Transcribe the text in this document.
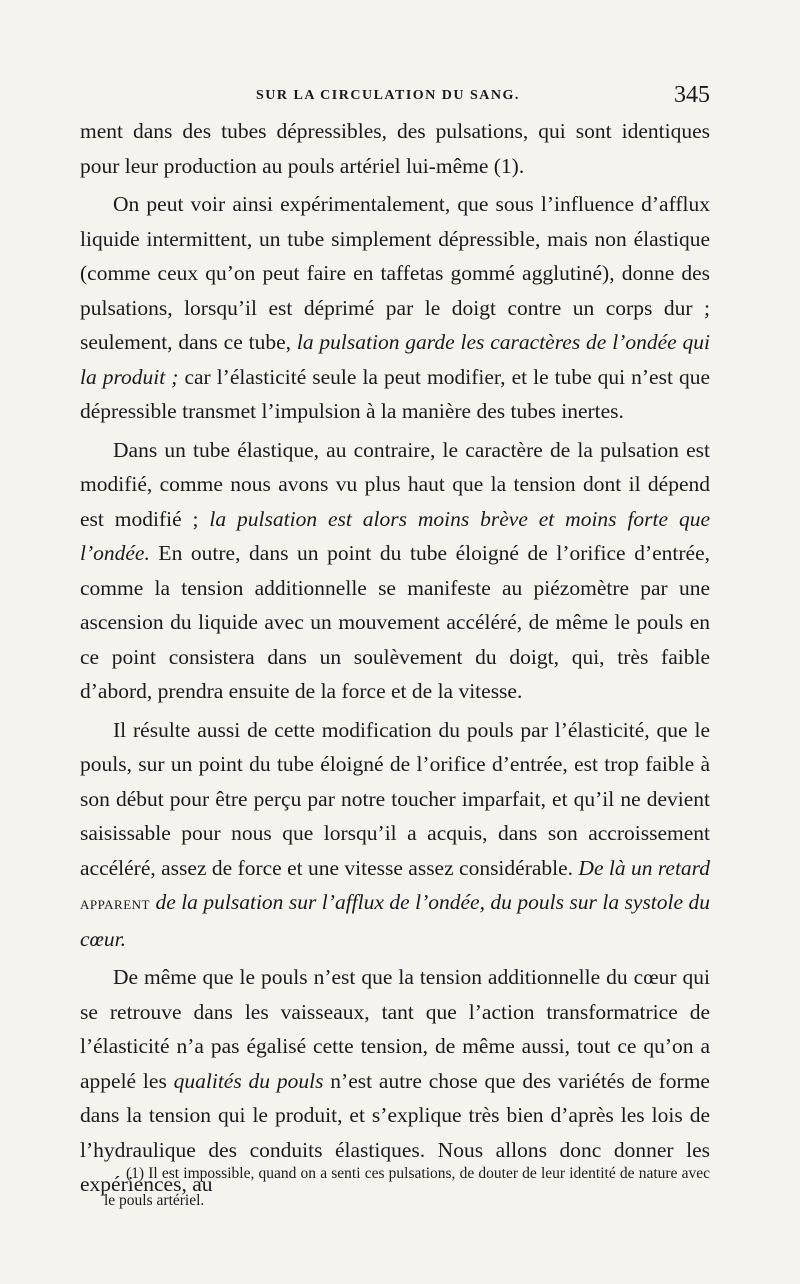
SUR LA CIRCULATION DU SANG.	345

ment dans des tubes dépressibles, des pulsations, qui sont identiques pour leur production au pouls artériel lui-même (1).

On peut voir ainsi expérimentalement, que sous l’influence d’afflux liquide intermittent, un tube simplement dépressible, mais non élastique (comme ceux qu’on peut faire en taffetas gommé agglutiné), donne des pulsations, lorsqu’il est déprimé par le doigt contre un corps dur ; seulement, dans ce tube, la pulsation garde les caractères de l’ondée qui la produit ; car l’élasticité seule la peut modifier, et le tube qui n’est que dépressible transmet l’impulsion à la manière des tubes inertes.

Dans un tube élastique, au contraire, le caractère de la pulsation est modifié, comme nous avons vu plus haut que la tension dont il dépend est modifié ; la pulsation est alors moins brève et moins forte que l’ondée. En outre, dans un point du tube éloigné de l’orifice d’entrée, comme la tension additionnelle se manifeste au piézomètre par une ascension du liquide avec un mouvement accéléré, de même le pouls en ce point consistera dans un soulèvement du doigt, qui, très faible d’abord, prendra ensuite de la force et de la vitesse.

Il résulte aussi de cette modification du pouls par l’élasticité, que le pouls, sur un point du tube éloigné de l’orifice d’entrée, est trop faible à son début pour être perçu par notre toucher imparfait, et qu’il ne devient saisissable pour nous que lorsqu’il a acquis, dans son accroissement accéléré, assez de force et une vitesse assez considérable. De là un retard apparent de la pulsation sur l’afflux de l’ondée, du pouls sur la systole du cœur.

De même que le pouls n’est que la tension additionnelle du cœur qui se retrouve dans les vaisseaux, tant que l’action transformatrice de l’élasticité n’a pas égalisé cette tension, de même aussi, tout ce qu’on a appelé les qualités du pouls n’est autre chose que des variétés de forme dans la tension qui le produit, et s’explique très bien d’après les lois de l’hydraulique des conduits élastiques. Nous allons donc donner les expériences, au

(1) Il est impossible, quand on a senti ces pulsations, de douter de leur identité de nature avec le pouls artériel.
